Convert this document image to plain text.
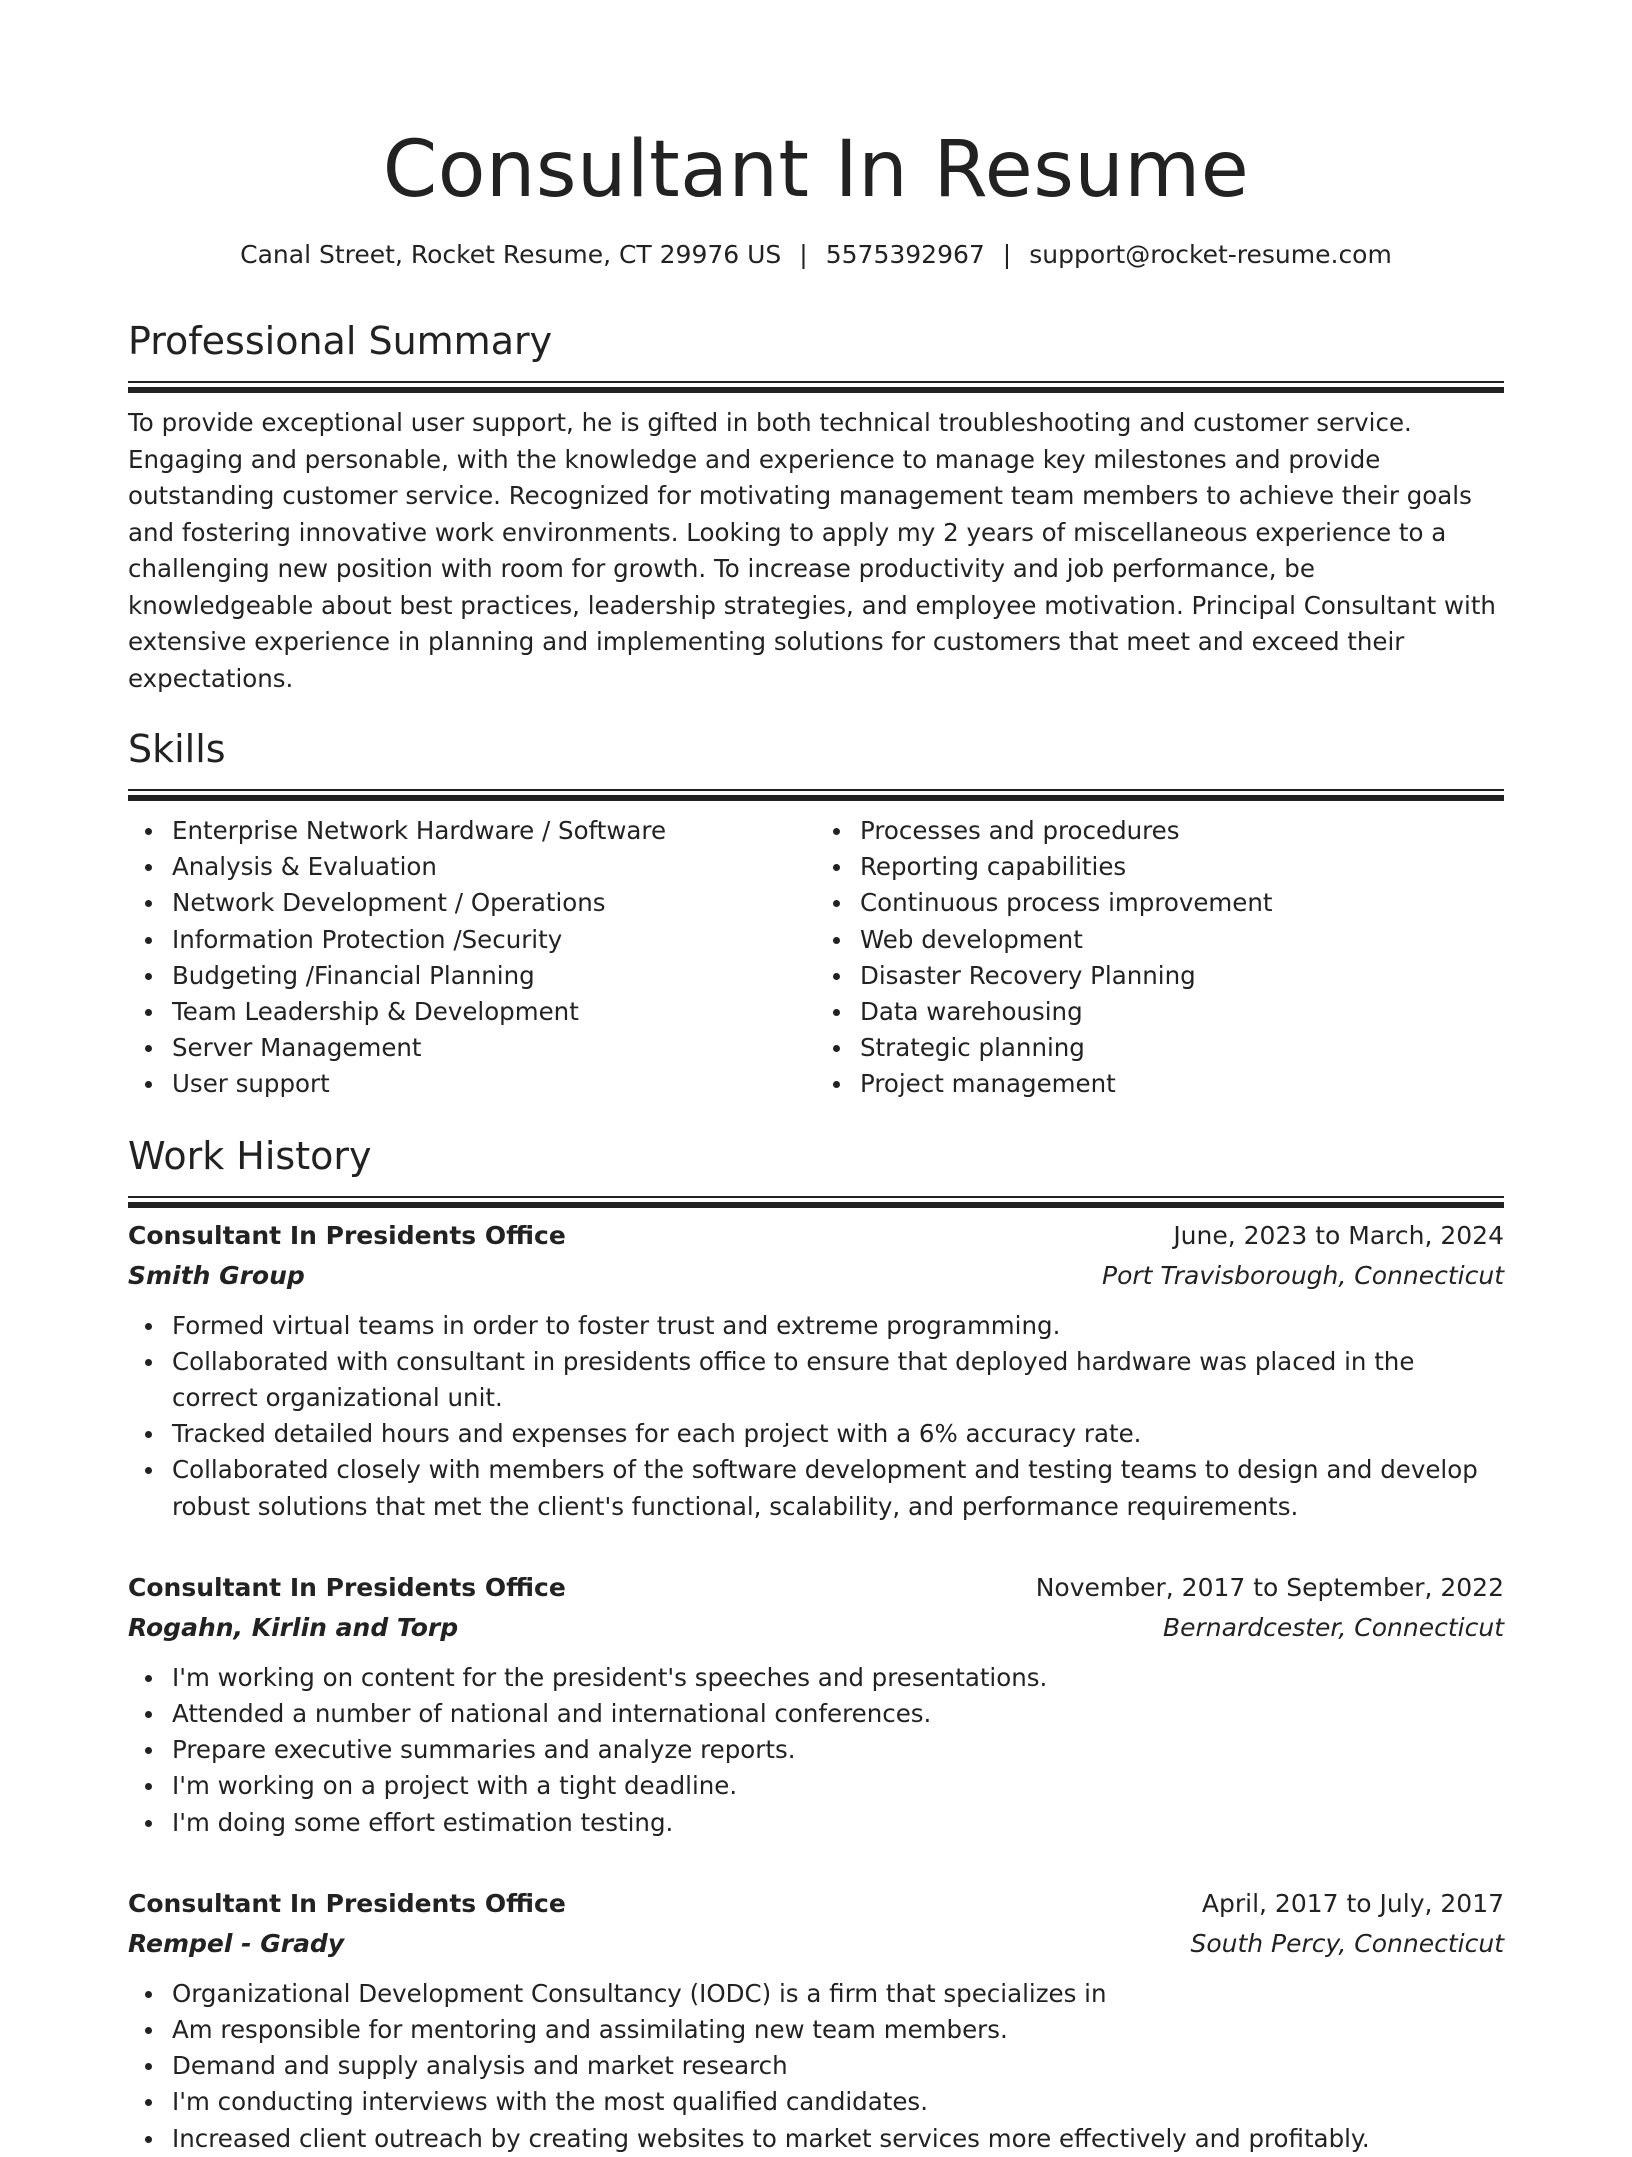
Consultant In Resume
Canal Street, Rocket Resume, CT 29976 US | 5575392967 | support@rocket-resume.com
Professional Summary

To provide exceptional user support, he is gifted in both technical troubleshooting and customer service. Engaging and personable, with the knowledge and experience to manage key milestones and provide outstanding customer service. Recognized for motivating management team members to achieve their goals and fostering innovative work environments. Looking to apply my 2 years of miscellaneous experience to a challenging new position with room for growth. To increase productivity and job performance, be knowledgeable about best practices, leadership strategies, and employee motivation. Principal Consultant with extensive experience in planning and implementing solutions for customers that meet and exceed their expectations.

Skills
Enterprise Network Hardware / Software
Analysis & Evaluation
Network Development / Operations
Information Protection /Security
Budgeting /Financial Planning
Team Leadership & Development
Server Management
User support
Processes and procedures
Reporting capabilities
Continuous process improvement
Web development
Disaster Recovery Planning
Data warehousing
Strategic planning
Project management
Work History
Consultant In Presidents Office	June, 2023 to March, 2024
Smith Group	Port Travisborough, Connecticut
Formed virtual teams in order to foster trust and extreme programming.
Collaborated with consultant in presidents office to ensure that deployed hardware was placed in the correct organizational unit.
Tracked detailed hours and expenses for each project with a 6% accuracy rate.
Collaborated closely with members of the software development and testing teams to design and develop robust solutions that met the client's functional, scalability, and performance requirements.
Consultant In Presidents Office	November, 2017 to September, 2022
Rogahn, Kirlin and Torp	Bernardcester, Connecticut
I'm working on content for the president's speeches and presentations.
Attended a number of national and international conferences.
Prepare executive summaries and analyze reports.
I'm working on a project with a tight deadline.
I'm doing some effort estimation testing.
Consultant In Presidents Office	April, 2017 to July, 2017
Rempel - Grady	South Percy, Connecticut
Organizational Development Consultancy (IODC) is a firm that specializes in
Am responsible for mentoring and assimilating new team members.
Demand and supply analysis and market research
I'm conducting interviews with the most qualified candidates.
Increased client outreach by creating websites to market services more effectively and profitably.
